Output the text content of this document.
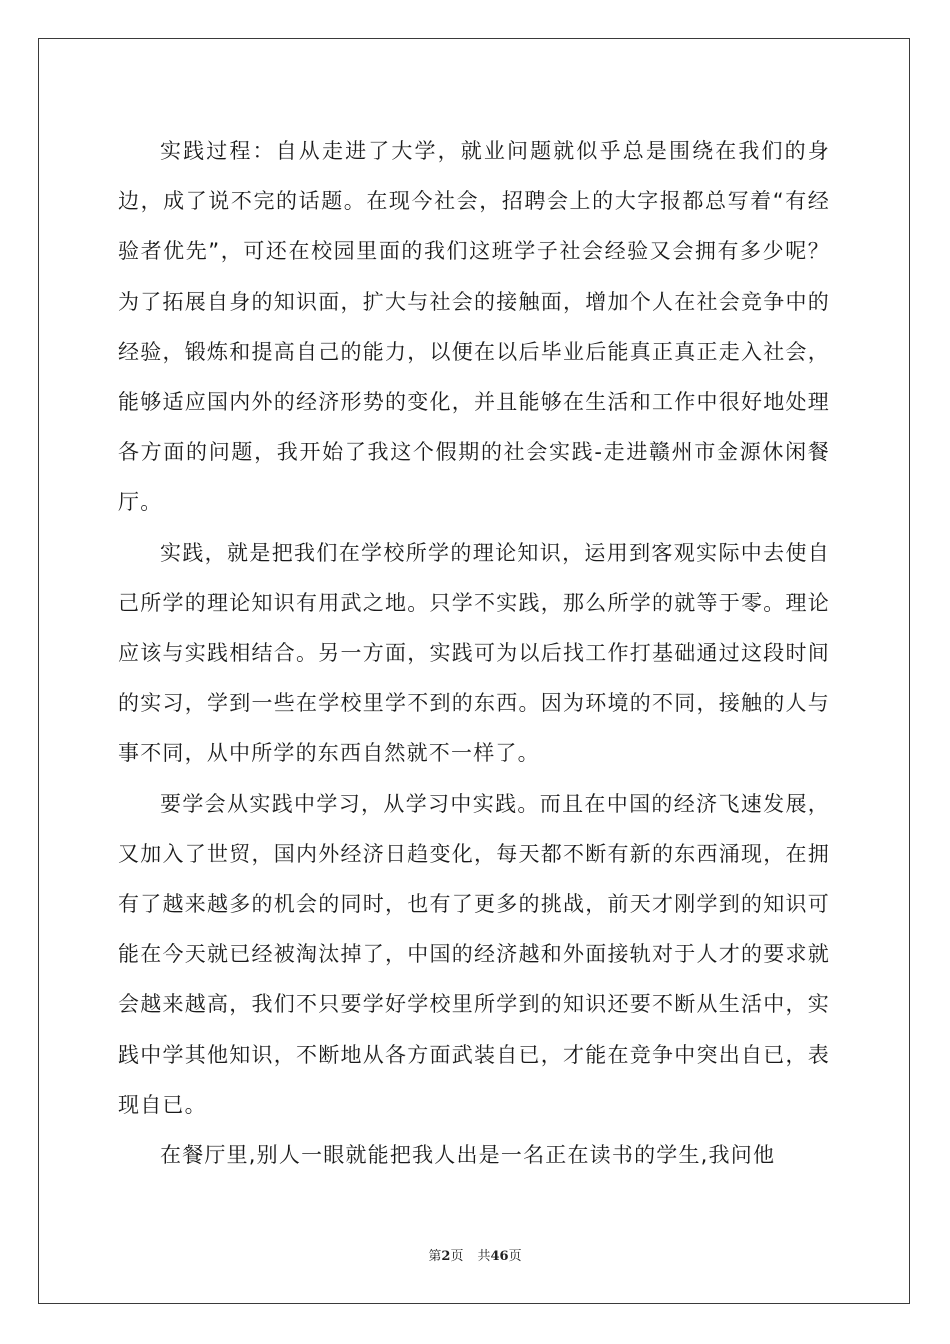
实践过程：自从走进了大学，就业问题就似乎总是围绕在我们的身边，成了说不完的话题。在现今社会，招聘会上的大字报都总写着“有经验者优先”，可还在校园里面的我们这班学子社会经验又会拥有多少呢？为了拓展自身的知识面，扩大与社会的接触面，增加个人在社会竞争中的经验，锻炼和提高自己的能力，以便在以后毕业后能真正真正走入社会，能够适应国内外的经济形势的变化，并且能够在生活和工作中很好地处理各方面的问题，我开始了我这个假期的社会实践-走进赣州市金源休闲餐厅。

实践，就是把我们在学校所学的理论知识，运用到客观实际中去使自己所学的理论知识有用武之地。只学不实践，那么所学的就等于零。理论应该与实践相结合。另一方面，实践可为以后找工作打基础通过这段时间的实习，学到一些在学校里学不到的东西。因为环境的不同，接触的人与事不同，从中所学的东西自然就不一样了。

要学会从实践中学习，从学习中实践。而且在中国的经济飞速发展，又加入了世贸，国内外经济日趋变化，每天都不断有新的东西涌现，在拥有了越来越多的机会的同时，也有了更多的挑战，前天才刚学到的知识可能在今天就已经被淘汰掉了，中国的经济越和外面接轨对于人才的要求就会越来越高，我们不只要学好学校里所学到的知识还要不断从生活中，实践中学其他知识，不断地从各方面武装自已，才能在竞争中突出自已，表现自已。

在餐厅里,别人一眼就能把我人出是一名正在读书的学生,我问他

第2页 共46页
